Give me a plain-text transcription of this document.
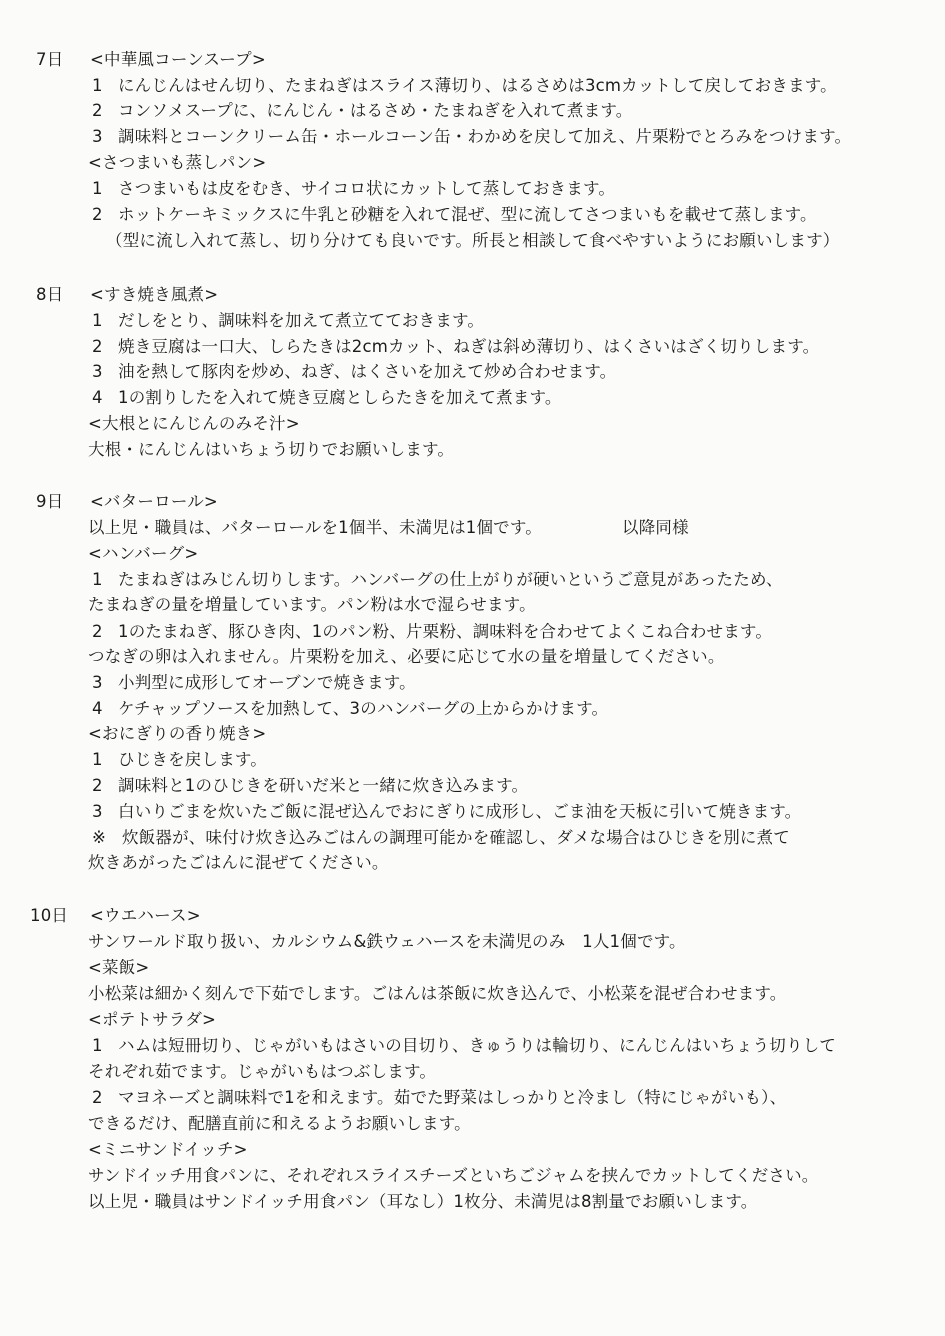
7日 <中華風コーンスープ>
1 にんじんはせん切り、たまねぎはスライス薄切り、はるさめは3cmカットして戻しておきます。
2 コンソメスープに、にんじん・はるさめ・たまねぎを入れて煮ます。
3 調味料とコーンクリーム缶・ホールコーン缶・わかめを戻して加え、片栗粉でとろみをつけます。
<さつまいも蒸しパン>
1 さつまいもは皮をむき、サイコロ状にカットして蒸しておきます。
2 ホットケーキミックスに牛乳と砂糖を入れて混ぜ、型に流してさつまいもを載せて蒸します。
（型に流し入れて蒸し、切り分けても良いです。所長と相談して食べやすいようにお願いします）
8日 <すき焼き風煮>
1 だしをとり、調味料を加えて煮立てておきます。
2 焼き豆腐は一口大、しらたきは2cmカット、ねぎは斜め薄切り、はくさいはざく切りします。
3 油を熱して豚肉を炒め、ねぎ、はくさいを加えて炒め合わせます。
4 1の割りしたを入れて焼き豆腐としらたきを加えて煮ます。
<大根とにんじんのみそ汁>
大根・にんじんはいちょう切りでお願いします。
9日 <バターロール>
以上児・職員は、バターロールを1個半、未満児は1個です。	以降同様
<ハンバーグ>
1 たまねぎはみじん切りします。ハンバーグの仕上がりが硬いというご意見があったため、
たまねぎの量を増量しています。パン粉は水で湿らせます。
2 1のたまねぎ、豚ひき肉、1のパン粉、片栗粉、調味料を合わせてよくこね合わせます。
つなぎの卵は入れません。片栗粉を加え、必要に応じて水の量を増量してください。
3 小判型に成形してオーブンで焼きます。
4 ケチャップソースを加熱して、3のハンバーグの上からかけます。
<おにぎりの香り焼き>
1 ひじきを戻します。
2 調味料と1のひじきを研いだ米と一緒に炊き込みます。
3 白いりごまを炊いたご飯に混ぜ込んでおにぎりに成形し、ごま油を天板に引いて焼きます。
※ 炊飯器が、味付け炊き込みごはんの調理可能かを確認し、ダメな場合はひじきを別に煮て
炊きあがったごはんに混ぜてください。
10日 <ウエハース>
サンワールド取り扱い、カルシウム&鉄ウェハースを未満児のみ　1人1個です。
<菜飯>
小松菜は細かく刻んで下茹でします。ごはんは茶飯に炊き込んで、小松菜を混ぜ合わせます。
<ポテトサラダ>
1 ハムは短冊切り、じゃがいもはさいの目切り、きゅうりは輪切り、にんじんはいちょう切りして
それぞれ茹でます。じゃがいもはつぶします。
2 マヨネーズと調味料で1を和えます。茹でた野菜はしっかりと冷まし（特にじゃがいも）、
できるだけ、配膳直前に和えるようお願いします。
<ミニサンドイッチ>
サンドイッチ用食パンに、それぞれスライスチーズといちごジャムを挟んでカットしてください。
以上児・職員はサンドイッチ用食パン（耳なし）1枚分、未満児は8割量でお願いします。
